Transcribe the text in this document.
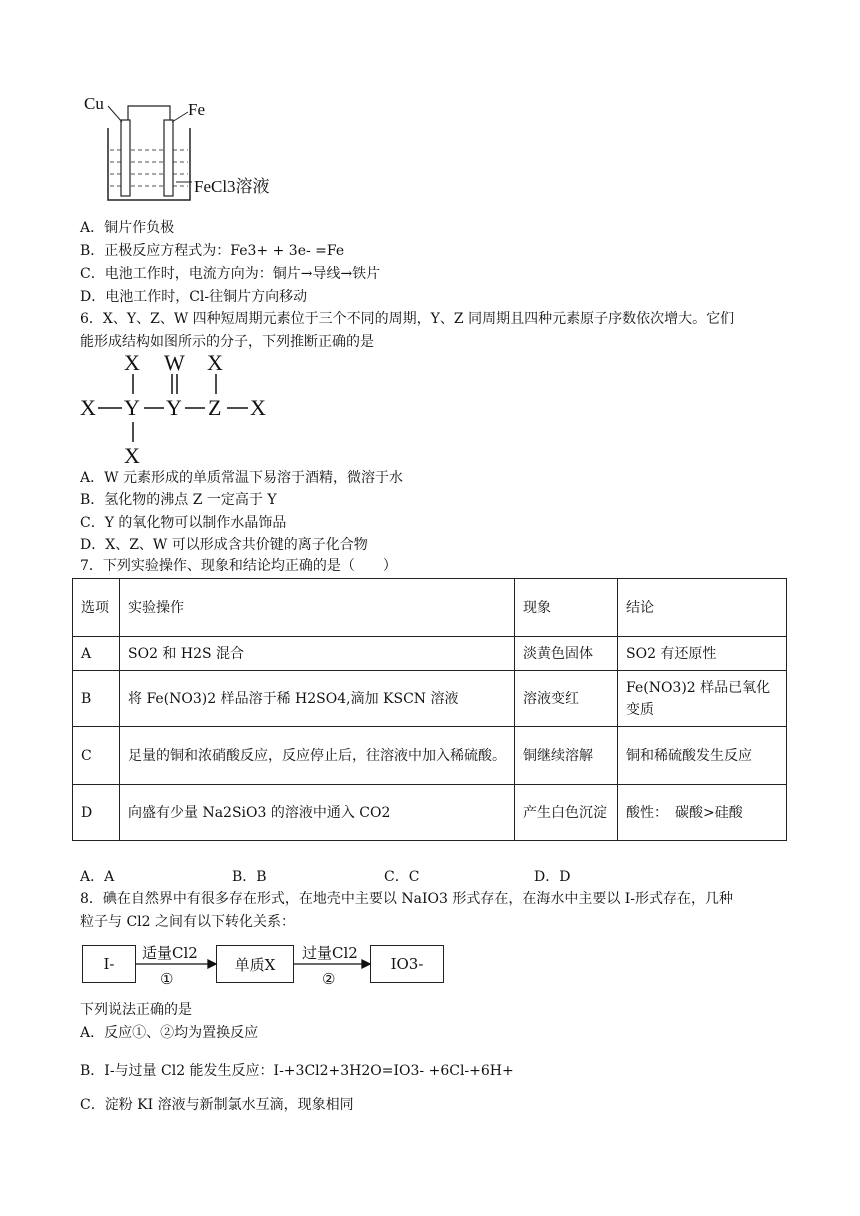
Cu	Fe
FeCl3溶液
A．铜片作负极
B．正极反应方程式为：Fe3+ + 3e- =Fe
C．电池工作时，电流方向为：铜片→导线→铁片
D．电池工作时，Cl-往铜片方向移动
6．X、Y、Z、W 四种短周期元素位于三个不同的周期，Y、Z 同周期且四种元素原子序数依次增大。它们
能形成结构如图所示的分子，下列推断正确的是
X W X
X Y Y Z X
X
A．W 元素形成的单质常温下易溶于酒精，微溶于水
B．氢化物的沸点 Z 一定高于 Y
C．Y 的氧化物可以制作水晶饰品
D．X、Z、W 可以形成含共价键的离子化合物
7．下列实验操作、现象和结论均正确的是（　　）
选项	实验操作	现象	结论
A	SO2 和 H2S 混合	淡黄色固体	SO2 有还原性
B	将 Fe(NO3)2 样品溶于稀 H2SO4,滴加 KSCN 溶液	溶液变红	Fe(NO3)2 样品已氧化变质
C	足量的铜和浓硝酸反应，反应停止后，往溶液中加入稀硫酸。	铜继续溶解	铜和稀硫酸发生反应
D	向盛有少量 Na2SiO3 的溶液中通入 CO2	产生白色沉淀	酸性：　碳酸>硅酸
A．A	B．B	C．C	D．D
8．碘在自然界中有很多存在形式，在地壳中主要以 NaIO3 形式存在，在海水中主要以 I-形式存在，几种
粒子与 Cl2 之间有以下转化关系：
I-	单质X	IO3-
适量Cl2
①
过量Cl2
②
下列说法正确的是
A．反应①、②均为置换反应
B．I-与过量 Cl2 能发生反应：I-+3Cl2+3H2O=IO3- +6Cl-+6H+
C．淀粉 KI 溶液与新制氯水互滴，现象相同
